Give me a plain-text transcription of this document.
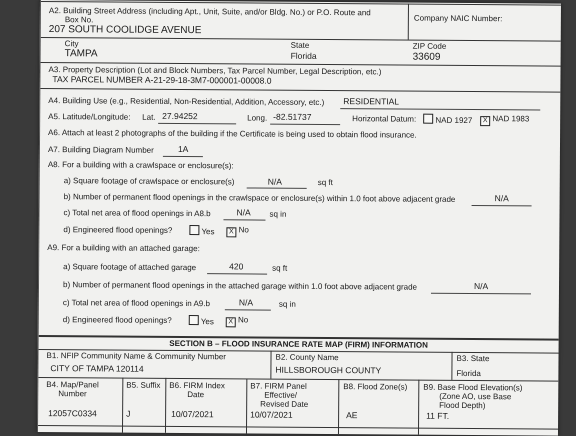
A2. Building Street Address (including Apt., Unit, Suite, and/or Bldg. No.) or P.O. Route and
Box No.
207 SOUTH COOLIDGE AVENUE
Company NAIC Number:
City
TAMPA
State
Florida
ZIP Code
33609
A3. Property Description (Lot and Block Numbers, Tax Parcel Number, Legal Description, etc.)
TAX PARCEL NUMBER A-21-29-18-3M7-000001-00008.0
A4. Building Use (e.g., Residential, Non-Residential, Addition, Accessory, etc.) RESIDENTIAL
A5. Latitude/Longitude: Lat. 27.94252	Long. -82.51737	Horizontal Datum:	NAD 1927	X NAD 1983
A6. Attach at least 2 photographs of the building if the Certificate is being used to obtain flood insurance.
A7. Building Diagram Number	1A
A8. For a building with a crawlspace or enclosure(s):
a) Square footage of crawlspace or enclosure(s)	N/A	sq ft
b) Number of permanent flood openings in the crawlspace or enclosure(s) within 1.0 foot above adjacent grade	N/A
c) Total net area of flood openings in A8.b	N/A sq in
d) Engineered flood openings?	Yes	X No
A9. For a building with an attached garage:
a) Square footage of attached garage	420	sq ft
b) Number of permanent flood openings in the attached garage within 1.0 foot above adjacent grade	N/A
c) Total net area of flood openings in A9.b	N/A	sq in
d) Engineered flood openings?	Yes	X No
SECTION B – FLOOD INSURANCE RATE MAP (FIRM) INFORMATION
B1. NFIP Community Name & Community Number
CITY OF TAMPA 120114
B2. County Name
HILLSBOROUGH COUNTY
B3. State
Florida
B4. Map/Panel
Number
12057C0334
B5. Suffix
J
B6. FIRM Index
Date
10/07/2021
B7. FIRM Panel
Effective/
Revised Date
10/07/2021
B8. Flood Zone(s)
AE
B9. Base Flood Elevation(s)
(Zone AO, use Base
Flood Depth)
11 FT.
